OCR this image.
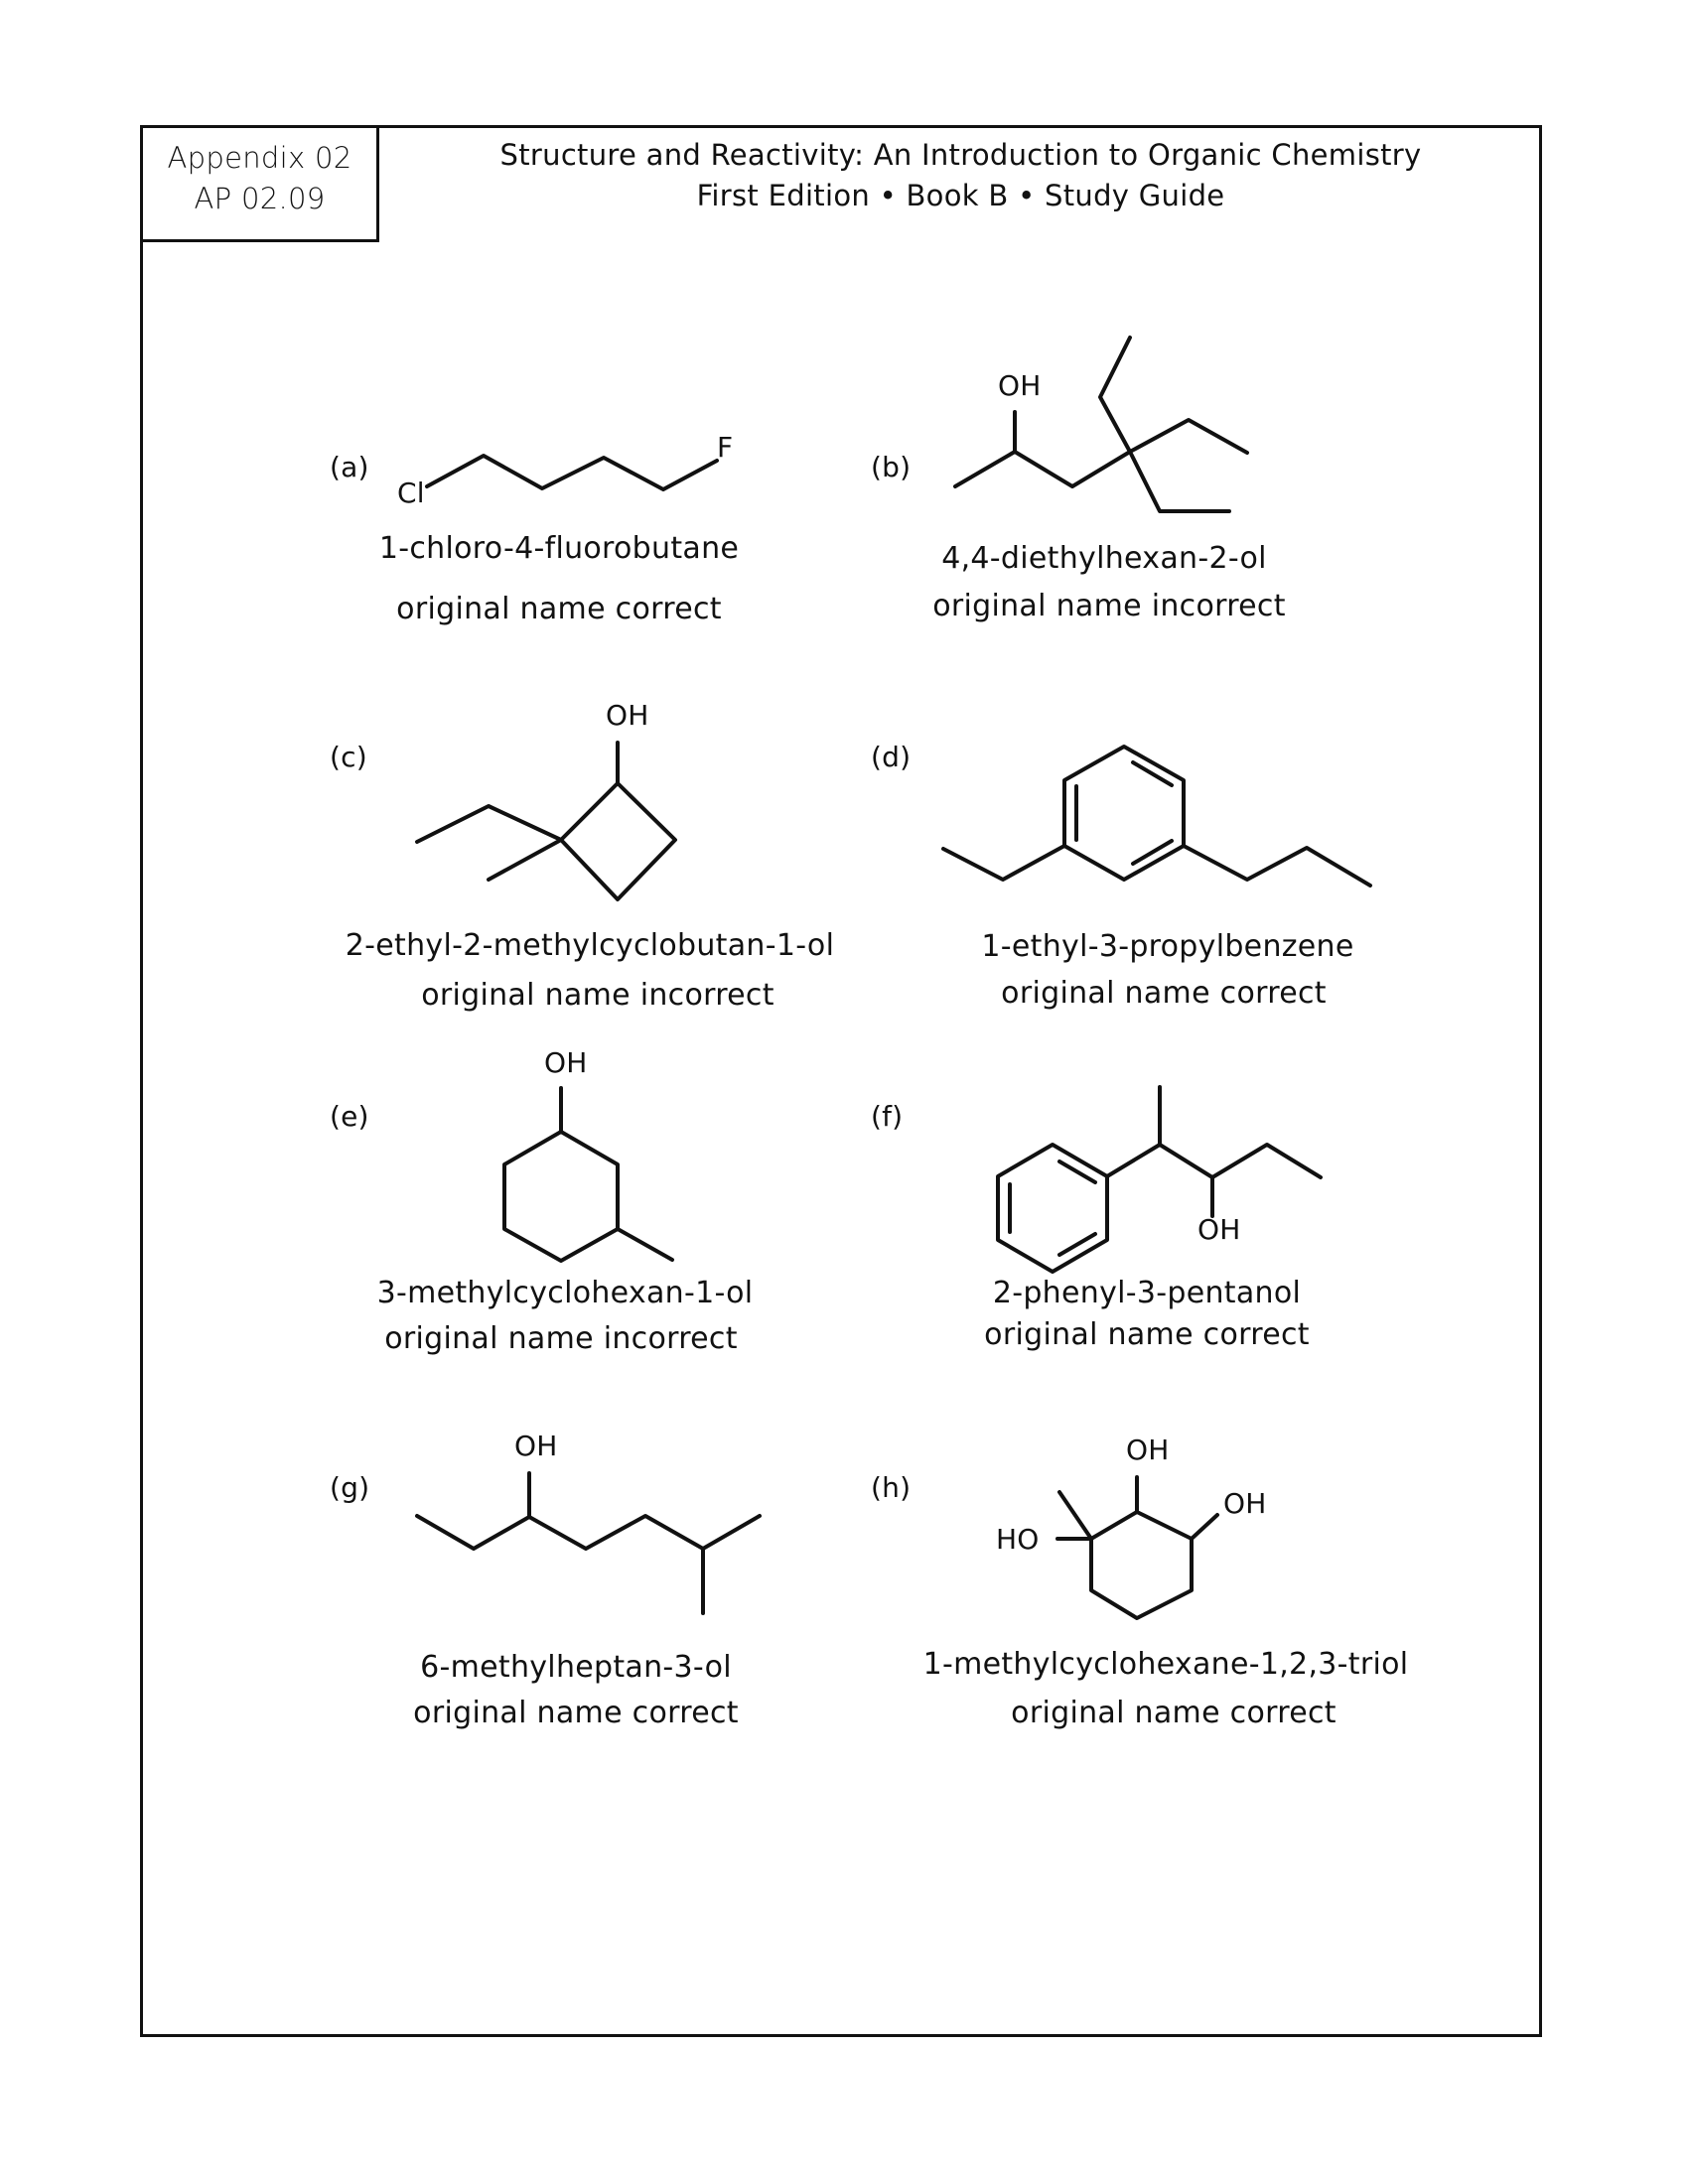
Appendix 02
AP 02.09
Structure and Reactivity: An Introduction to Organic Chemistry
First Edition • Book B • Study Guide
Cl
F
OH
OH
OH
OH
OH	OH
OH
HO
(a)	(b)
(c)	(d)
(e)	(f)
(g)	(h)
1-chloro-4-fluorobutane
original name correct
4,4-diethylhexan-2-ol
original name incorrect
2-ethyl-2-methylcyclobutan-1-ol
original name incorrect
1-ethyl-3-propylbenzene
original name correct
3-methylcyclohexan-1-ol
original name incorrect
2-phenyl-3-pentanol
original name correct
6-methylheptan-3-ol
original name correct
1-methylcyclohexane-1,2,3-triol
original name correct
